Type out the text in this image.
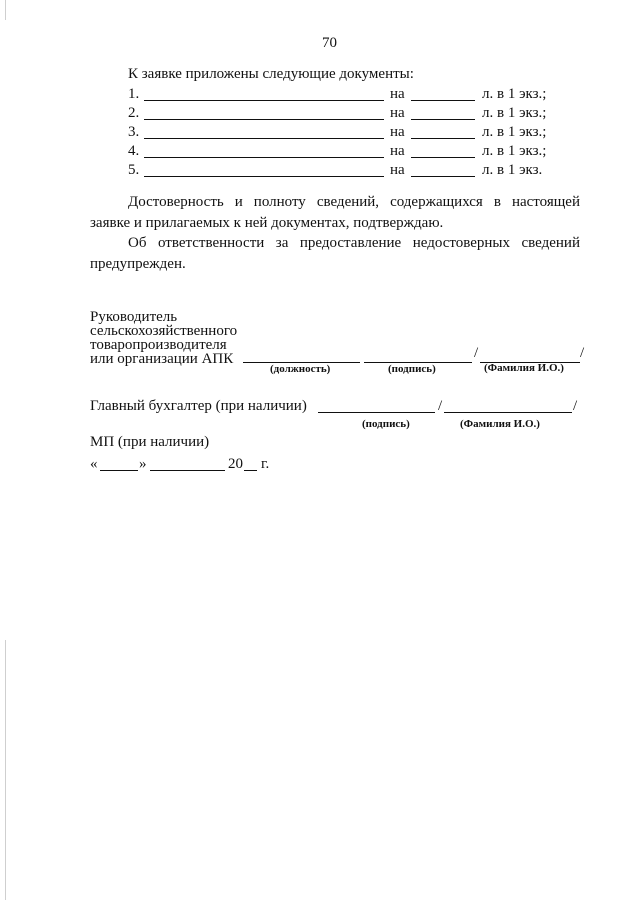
70
К заявке приложены следующие документы:
1.	на	л. в 1 экз.;
2.	на	л. в 1 экз.;
3.	на	л. в 1 экз.;
4.	на	л. в 1 экз.;
5.	на	л. в 1 экз.
Достоверность и полноту сведений, содержащихся в настоящей заявке и прилагаемых к ней документах, подтверждаю.
Об ответственности за предоставление недостоверных сведений предупрежден.
Руководитель
сельскохозяйственного
товаропроизводителя
или организации АПК	/	/
(должность)	(подпись)	(Фамилия И.О.)
Главный бухгалтер (при наличии)	/	/
(подпись)	(Фамилия И.О.)
МП (при наличии)
«	»	20 г.
